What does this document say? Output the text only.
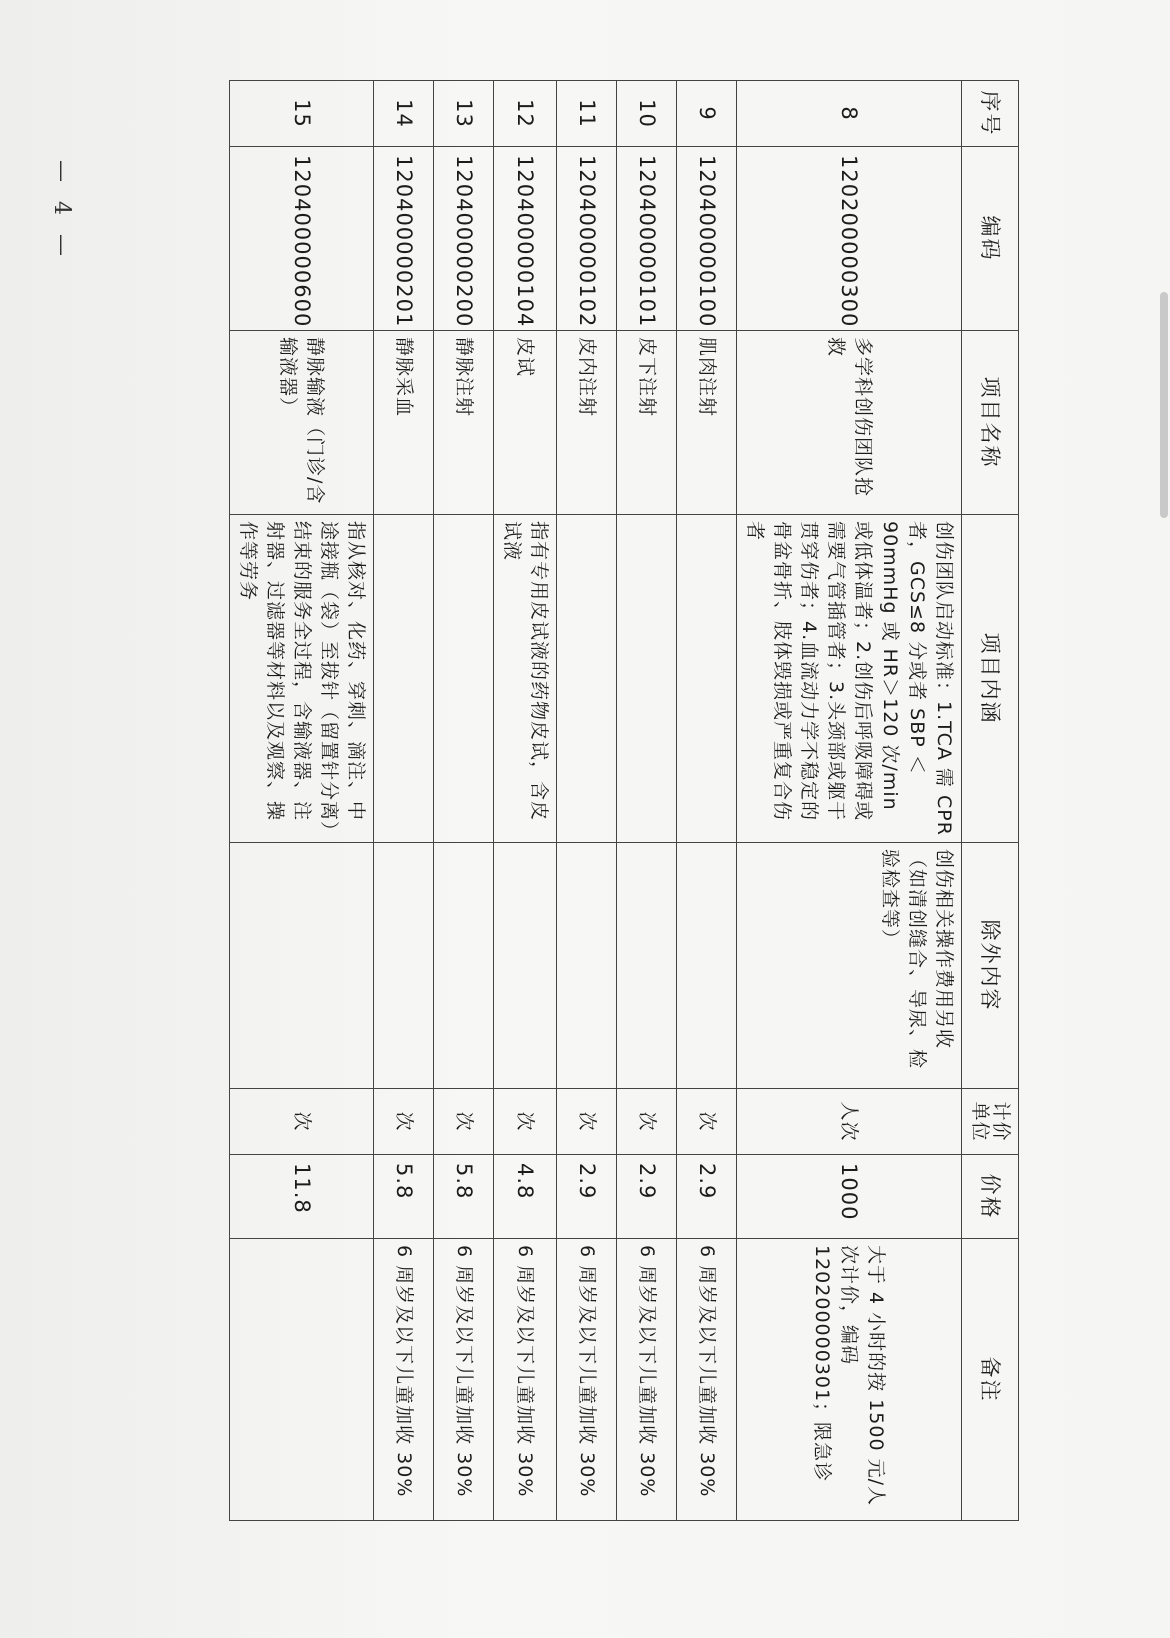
序号	编码	项目名称	项目内涵	除外内容	计价单位	价格	备注
8	120200000300	多学科创伤团队抢救	创伤团队启动标准：1.TCA 需 CPR 者，GCS≤8 分或者 SBP ＜90mmHg 或 HR＞120 次/min 或低体温者；2.创伤后呼吸障碍或需要气管插管者；3.头颈部或躯干贯穿伤者；4.血流动力学不稳定的骨盆骨折、肢体毁损或严重复合伤者	创伤相关操作费用另收（如清创缝合、导尿、检验检查等）	人次	1000	大于 4 小时的按 1500 元/人次计价，编码 120200000301；限急诊
9	120400000100	肌肉注射			次	2.9	6 周岁及以下儿童加收 30%
10	120400000101	皮下注射			次	2.9	6 周岁及以下儿童加收 30%
11	120400000102	皮内注射			次	2.9	6 周岁及以下儿童加收 30%
12	120400000104	皮试	指有专用皮试液的药物皮试，含皮试液		次	4.8	6 周岁及以下儿童加收 30%
13	120400000200	静脉注射			次	5.8	6 周岁及以下儿童加收 30%
14	120400000201	静脉采血			次	5.8	6 周岁及以下儿童加收 30%
15	120400000600	静脉输液（门诊/含输液器）	指从核对、化药、穿刺、滴注、中途接瓶（袋）至拔针（留置针分离）结束的服务全过程，含输液器、注射器、过滤器等材料以及观察、操作等劳务		次	11.8	
— 4 —
